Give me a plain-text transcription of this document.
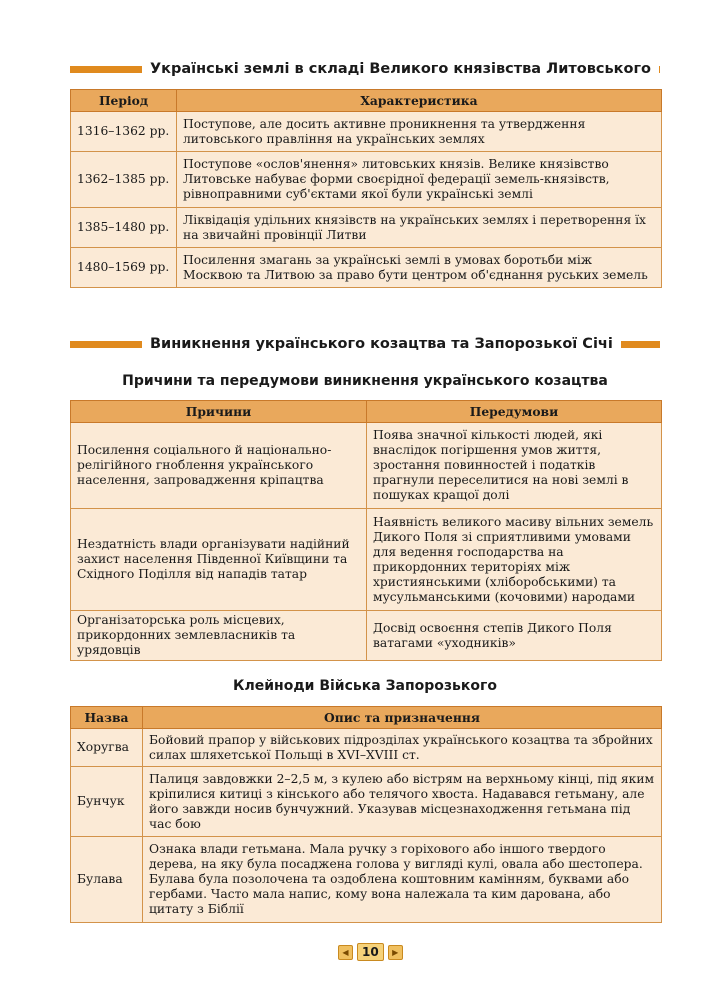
Українські землі в складі Великого князівства Литовського
Період	Характеристика
1316–1362 рр.	Поступове, але досить активне проникнення та утвердження литовського правління на українських землях
1362–1385 рр.	Поступове «ослов'янення» литовських князів. Велике князівство Литовське набуває форми своєрідної федерації земель-князівств, рівноправними суб'єктами якої були українські землі
1385–1480 рр.	Ліквідація удільних князівств на українських землях і перетворення їх на звичайні провінції Литви
1480–1569 рр.	Посилення змагань за українські землі в умовах боротьби між Москвою та Литвою за право бути центром об'єднання руських земель
Виникнення українського козацтва та Запорозької Січі
Причини та передумови виникнення українського козацтва
Причини	Передумови
Посилення соціального й національно-релігійного гноблення українського населення, запровадження кріпацтва	Поява значної кількості людей, які внаслідок погіршення умов життя, зростання повинностей і податків прагнули переселитися на нові землі в пошуках кращої долі
Нездатність влади організувати надійний захист населення Південної Київщини та Східного Поділля від нападів татар	Наявність великого масиву вільних земель Дикого Поля зі сприятливими умовами для ведення господарства на прикордонних територіях між християнськими (хліборобськими) та мусульманськими (кочовими) народами
Організаторська роль місцевих, прикордонних землевласників та урядовців	Досвід освоєння степів Дикого Поля ватагами «уходників»
Клейноди Війська Запорозького
Назва	Опис та призначення
Хоругва	Бойовий прапор у військових підрозділах українського козацтва та збройних силах шляхетської Польщі в XVI–XVIII ст.
Бунчук	Палиця завдовжки 2–2,5 м, з кулею або вістрям на верхньому кінці, під яким кріпилися китиці з кінського або телячого хвоста. Надавався гетьману, але його завжди носив бунчужний. Указував місцезнаходження гетьмана під час бою
Булава	Ознака влади гетьмана. Мала ручку з горіхового або іншого твердого дерева, на яку була посаджена голова у вигляді кулі, овала або шестопера. Булава була позолочена та оздоблена коштовним камінням, буквами або гербами. Часто мала напис, кому вона належала та ким дарована, або цитату з Біблії
◀	10	▶
